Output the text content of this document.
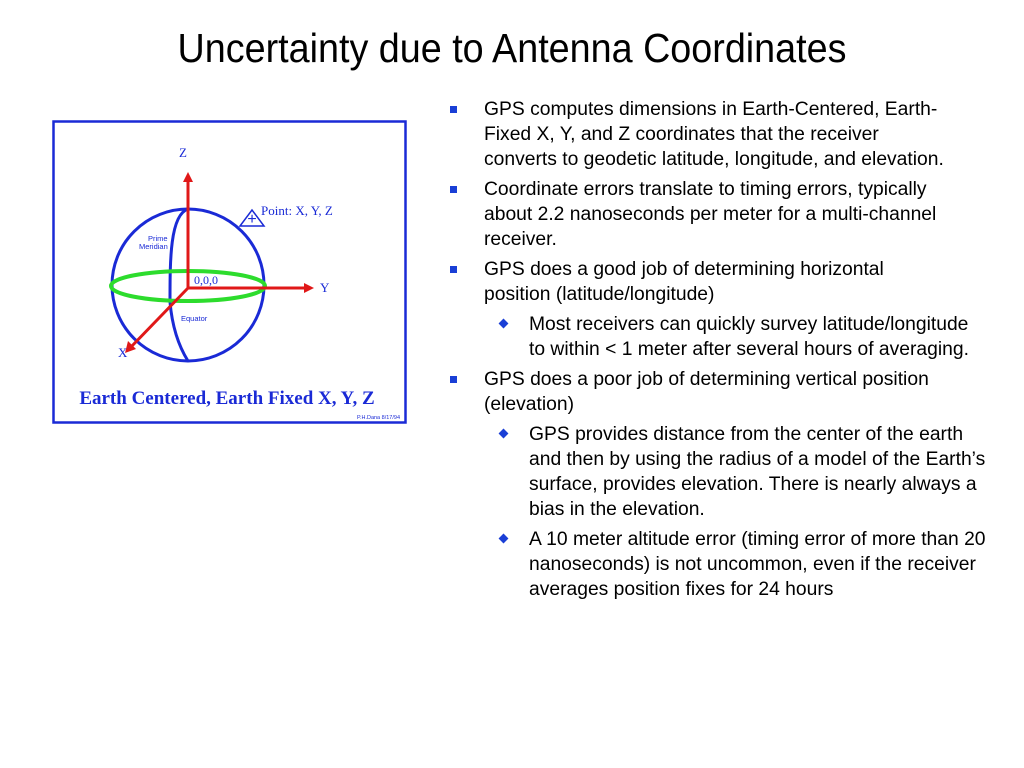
Uncertainty due to Antenna Coordinates
+
Z
Y
X
Point: X, Y, Z
Prime
Meridian
0,0,0
Equator
Earth Centered, Earth Fixed X, Y, Z
P.H.Dana 8/17/94
GPS computes dimensions in Earth-Centered, Earth-Fixed X, Y, and Z coordinates that the receiver converts to geodetic latitude, longitude, and elevation.
Coordinate errors translate to timing errors, typically about 2.2 nanoseconds per meter for a multi-channel receiver.
GPS does a good job of determining horizontal position (latitude/longitude)
Most receivers can quickly survey latitude/longitude to within < 1 meter after several hours of averaging.
GPS does a poor job of determining vertical position (elevation)
GPS provides distance from the center of the earth and then by using the radius of a model of the Earth’s surface, provides elevation. There is nearly always a bias in the elevation.
A 10 meter altitude error (timing error of more than 20 nanoseconds) is not uncommon, even if the receiver averages position fixes for 24 hours
